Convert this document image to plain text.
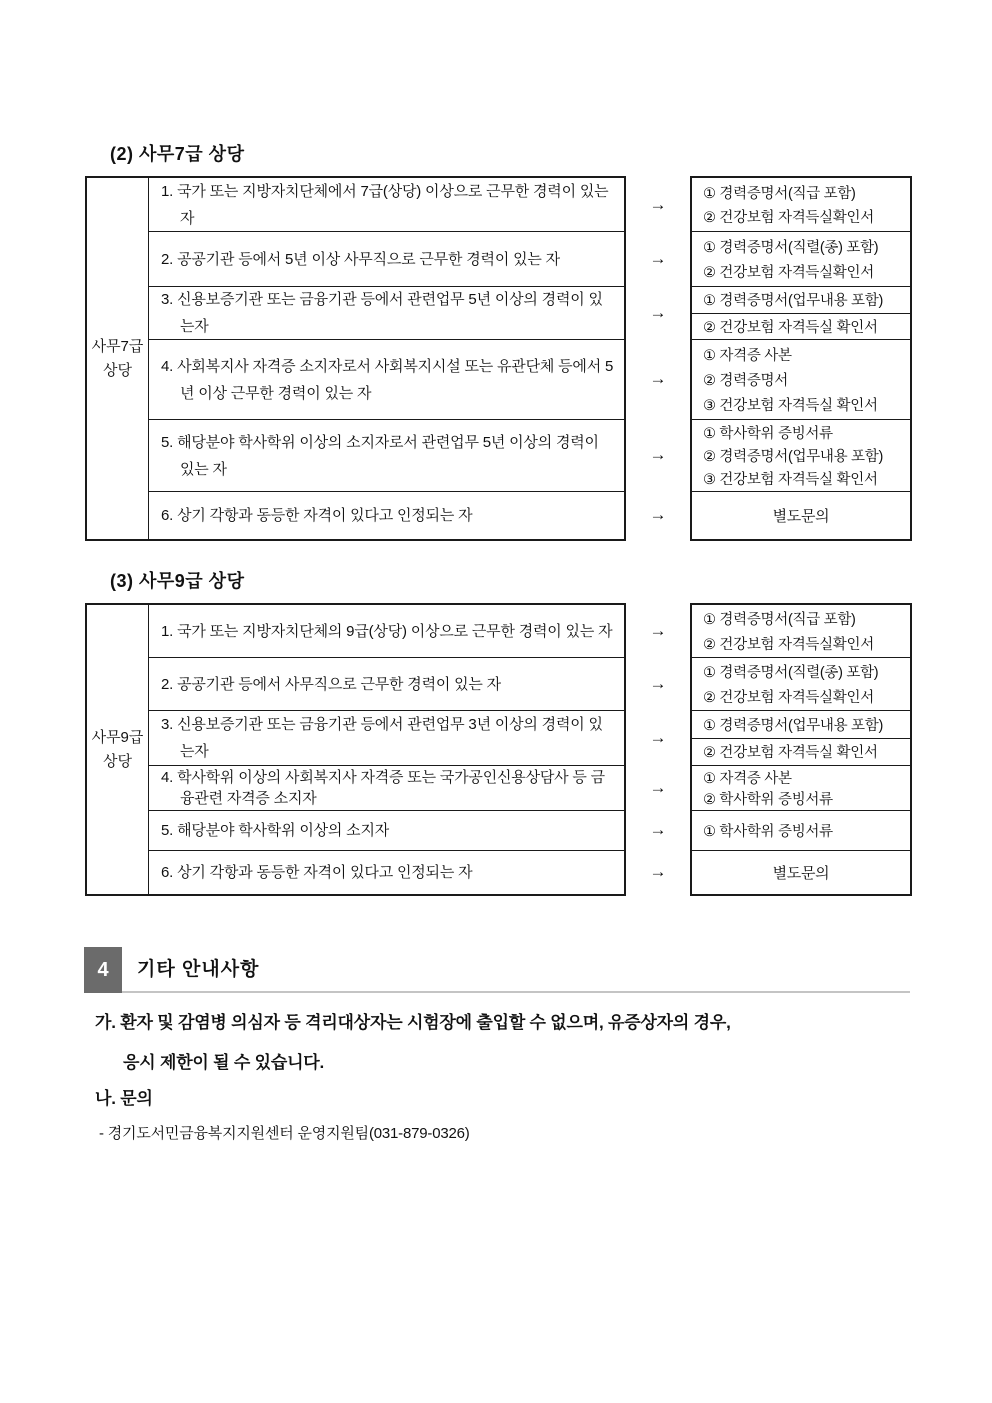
(2) 사무7급 상당
사무7급
상당
1. 국가 또는 지방자치단체에서 7급(상당) 이상으로 근무한 경력이 있는 자
2. 공공기관 등에서 5년 이상 사무직으로 근무한 경력이 있는 자
3. 신용보증기관 또는 금융기관 등에서 관련업무 5년 이상의 경력이 있는자
4. 사회복지사 자격증 소지자로서 사회복지시설 또는 유관단체 등에서 5년 이상 근무한 경력이 있는 자
5. 해당분야 학사학위 이상의 소지자로서 관련업무 5년 이상의 경력이 있는 자
6. 상기 각항과 동등한 자격이 있다고 인정되는 자
→
→
→
→
→
→
① 경력증명서(직급 포함)
② 건강보험 자격득실확인서
① 경력증명서(직렬(종) 포함)
② 건강보험 자격득실확인서
① 경력증명서(업무내용 포함)
② 건강보험 자격득실 확인서
① 자격증 사본
② 경력증명서
③ 건강보험 자격득실 확인서
① 학사학위 증빙서류
② 경력증명서(업무내용 포함)
③ 건강보험 자격득실 확인서
별도문의
(3) 사무9급 상당
사무9급
상당
1. 국가 또는 지방자치단체의 9급(상당) 이상으로 근무한 경력이 있는 자
2. 공공기관 등에서 사무직으로 근무한 경력이 있는 자
3. 신용보증기관 또는 금융기관 등에서 관련업무 3년 이상의 경력이 있는자
4. 학사학위 이상의 사회복지사 자격증 또는 국가공인신용상담사 등 금융관련 자격증 소지자
5. 해당분야 학사학위 이상의 소지자
6. 상기 각항과 동등한 자격이 있다고 인정되는 자
→
→
→
→
→
→
① 경력증명서(직급 포함)
② 건강보험 자격득실확인서
① 경력증명서(직렬(종) 포함)
② 건강보험 자격득실확인서
① 경력증명서(업무내용 포함)
② 건강보험 자격득실 확인서
① 자격증 사본
② 학사학위 증빙서류
① 학사학위 증빙서류
별도문의
4	기타 안내사항
가. 환자 및 감염병 의심자 등 격리대상자는 시험장에 출입할 수 없으며, 유증상자의 경우,
응시 제한이 될 수 있습니다.
나. 문의
- 경기도서민금융복지지원센터 운영지원팀(031-879-0326)
